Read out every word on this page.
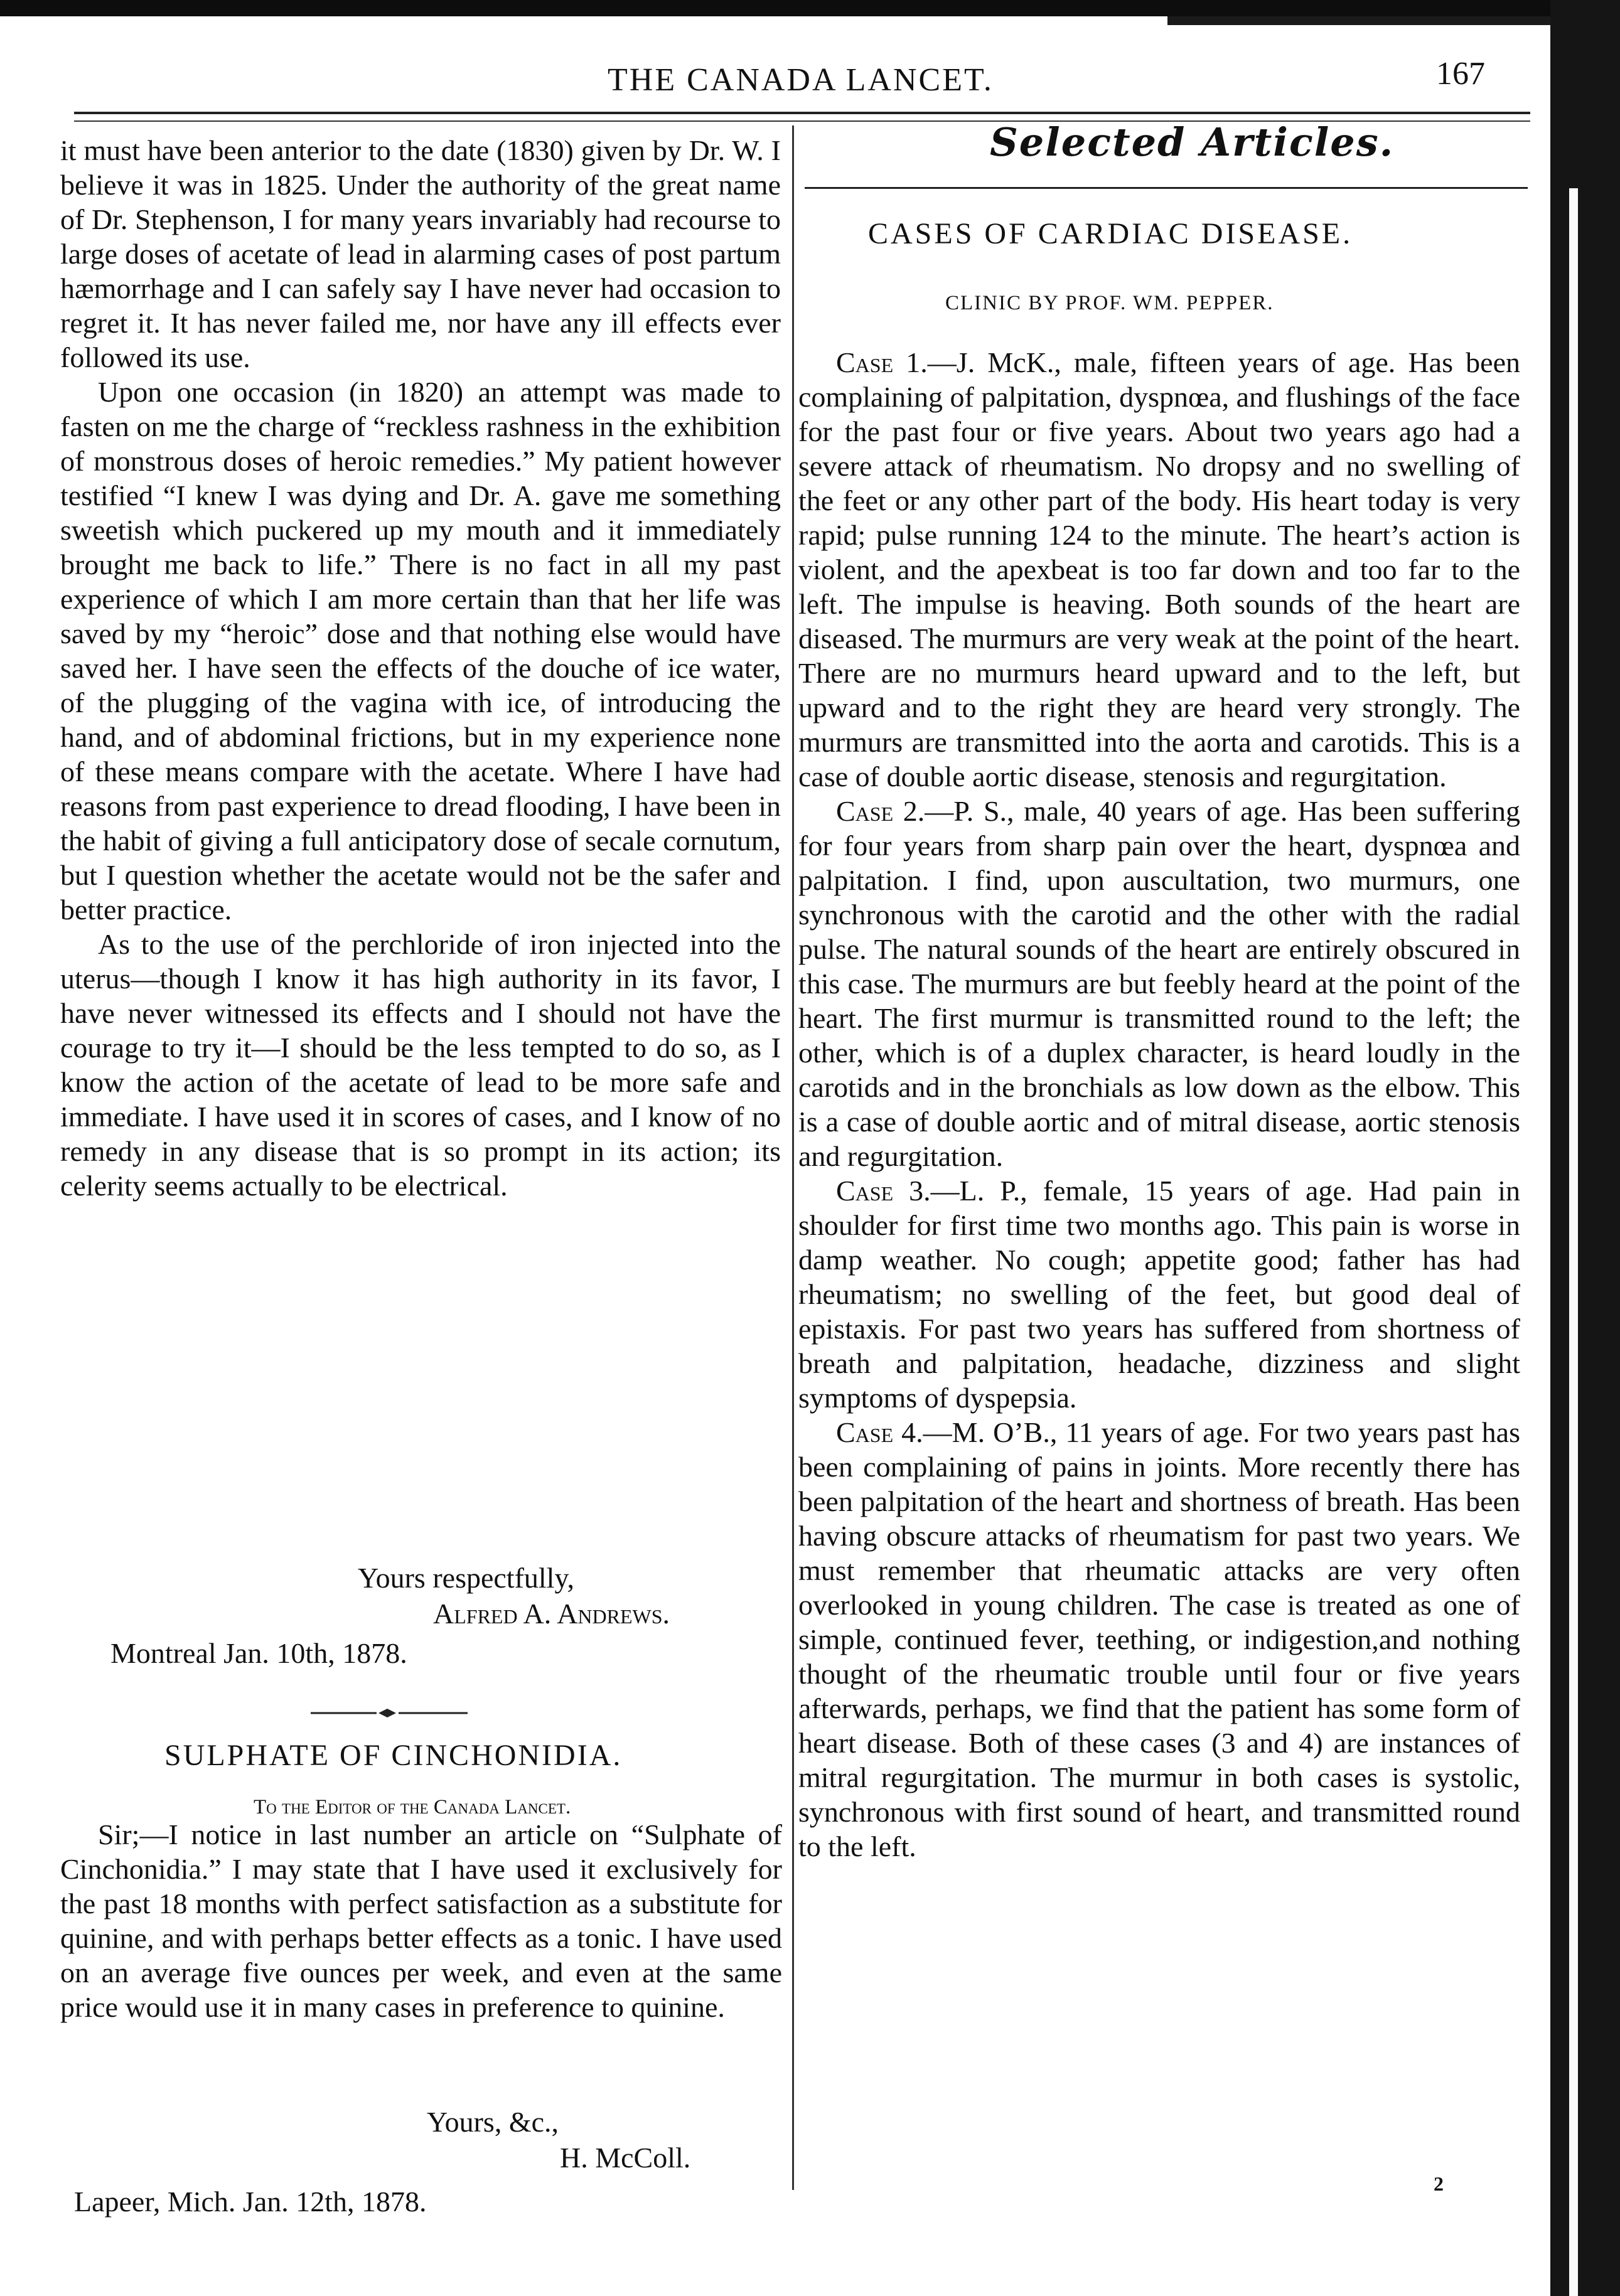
THE CANADA LANCET.	167

it must have been anterior to the date (1830) given by Dr. W. I believe it was in 1825. Under the authority of the great name of Dr. Stephenson, I for many years invariably had recourse to large doses of acetate of lead in alarming cases of post partum hæmorrhage and I can safely say I have never had occasion to regret it. It has never failed me, nor have any ill effects ever followed its use.

Upon one occasion (in 1820) an attempt was made to fasten on me the charge of “reckless rashness in the exhibition of monstrous doses of heroic remedies.” My patient however testified “I knew I was dying and Dr. A. gave me something sweetish which puckered up my mouth and it immediately brought me back to life.” There is no fact in all my past experience of which I am more certain than that her life was saved by my “heroic” dose and that nothing else would have saved her. I have seen the effects of the douche of ice water, of the plugging of the vagina with ice, of introducing the hand, and of abdominal frictions, but in my experience none of these means compare with the acetate. Where I have had reasons from past experience to dread flooding, I have been in the habit of giving a full anticipatory dose of secale cornutum, but I question whether the acetate would not be the safer and better practice.

As to the use of the perchloride of iron injected into the uterus—though I know it has high authority in its favor, I have never witnessed its effects and I should not have the courage to try it—I should be the less tempted to do so, as I know the action of the acetate of lead to be more safe and immediate. I have used it in scores of cases, and I know of no remedy in any disease that is so prompt in its action; its celerity seems actually to be electrical.

Yours respectfully,
Alfred A. Andrews.
Montreal Jan. 10th, 1878.
SULPHATE OF CINCHONIDIA.
To the Editor of the Canada Lancet.

Sir;—I notice in last number an article on “Sulphate of Cinchonidia.” I may state that I have used it exclusively for the past 18 months with perfect satisfaction as a substitute for quinine, and with perhaps better effects as a tonic. I have used on an average five ounces per week, and even at the same price would use it in many cases in preference to quinine.

Yours, &c.,
H. McColl.
Lapeer, Mich. Jan. 12th, 1878.
Selected Articles.
CASES OF CARDIAC DISEASE.
CLINIC BY PROF. WM. PEPPER.

Case 1.—J. McK., male, fifteen years of age. Has been complaining of palpitation, dyspnœa, and flushings of the face for the past four or five years. About two years ago had a severe attack of rheumatism. No dropsy and no swelling of the feet or any other part of the body. His heart today is very rapid; pulse running 124 to the minute. The heart’s action is violent, and the apexbeat is too far down and too far to the left. The impulse is heaving. Both sounds of the heart are diseased. The murmurs are very weak at the point of the heart. There are no murmurs heard upward and to the left, but upward and to the right they are heard very strongly. The murmurs are transmitted into the aorta and carotids. This is a case of double aortic disease, stenosis and regurgitation.

Case 2.—P. S., male, 40 years of age. Has been suffering for four years from sharp pain over the heart, dyspnœa and palpitation. I find, upon auscultation, two murmurs, one synchronous with the carotid and the other with the radial pulse. The natural sounds of the heart are entirely obscured in this case. The murmurs are but feebly heard at the point of the heart. The first murmur is transmitted round to the left; the other, which is of a duplex character, is heard loudly in the carotids and in the bronchials as low down as the elbow. This is a case of double aortic and of mitral disease, aortic stenosis and regurgitation.

Case 3.—L. P., female, 15 years of age. Had pain in shoulder for first time two months ago. This pain is worse in damp weather. No cough; appetite good; father has had rheumatism; no swelling of the feet, but good deal of epistaxis. For past two years has suffered from shortness of breath and palpitation, headache, dizziness and slight symptoms of dyspepsia.

Case 4.—M. O’B., 11 years of age. For two years past has been complaining of pains in joints. More recently there has been palpitation of the heart and shortness of breath. Has been having obscure attacks of rheumatism for past two years. We must remember that rheumatic attacks are very often overlooked in young children. The case is treated as one of simple, continued fever, teething, or indigestion,and nothing thought of the rheumatic trouble until four or five years afterwards, perhaps, we find that the patient has some form of heart disease. Both of these cases (3 and 4) are instances of mitral regurgitation. The murmur in both cases is systolic, synchronous with first sound of heart, and transmitted round to the left.

2
